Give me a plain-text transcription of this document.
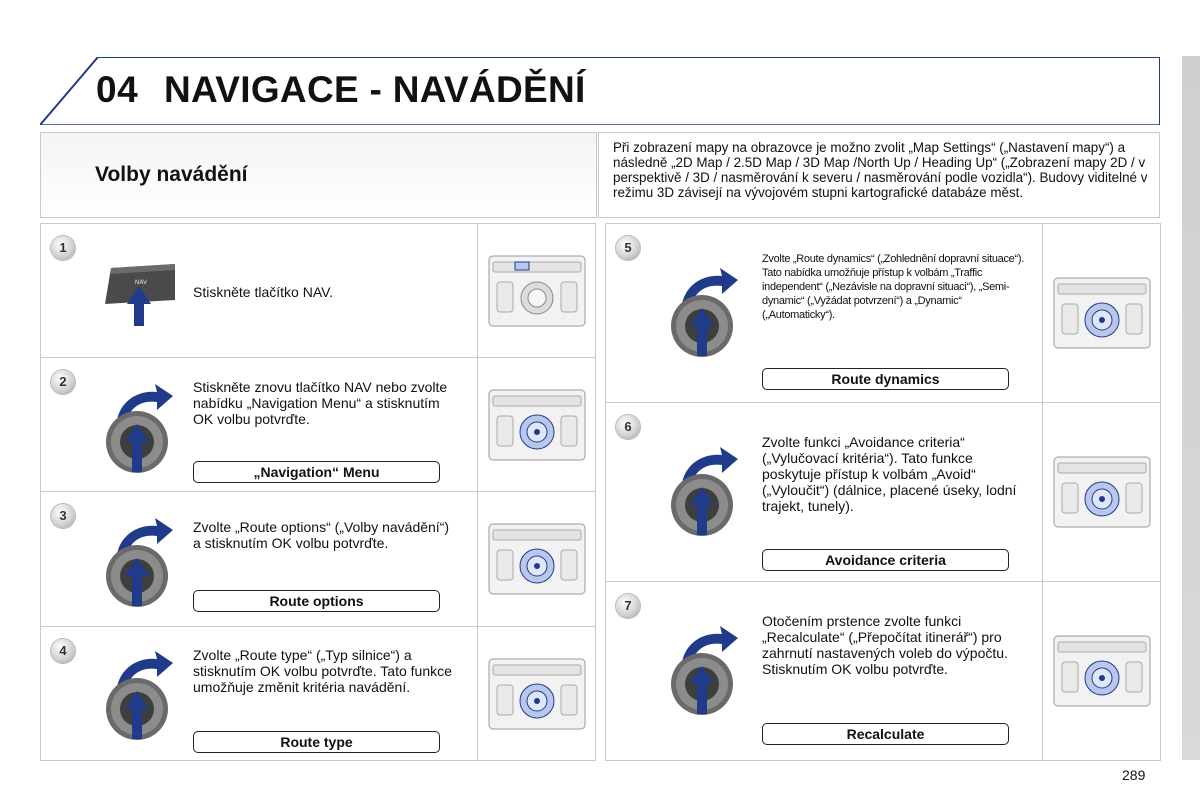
04 NAVIGACE - NAVÁDĚNÍ
Volby navádění
Při zobrazení mapy na obrazovce je možno zvolit „Map Settings“ („Nastavení mapy“) a následně „2D Map / 2.5D Map / 3D Map /North Up / Heading Up“ („Zobrazení mapy 2D / v perspektivě / 3D / nasměrování k severu / nasměrování podle vozidla“). Budovy viditelné v režimu 3D závisejí na vývojovém stupni kartografické databáze měst.
1
NAV
Stiskněte tlačítko NAV.
2	Stiskněte znovu tlačítko NAV nebo zvolte nabídku „Navigation Menu“ a stisknutím OK volbu potvrďte.
„Navigation“ Menu
3
Zvolte „Route options“ („Volby navádění“) a stisknutím OK volbu potvrďte.
Route options
4	Zvolte „Route type“ („Typ silnice“) a stisknutím OK volbu potvrďte. Tato funkce umožňuje změnit kritéria navádění.
Route type
5
Zvolte „Route dynamics“ („Zohlednění dopravní situace“). Tato nabídka umožňuje přístup k volbám „Traffic independent“ („Nezávisle na dopravní situaci“), „Semi-dynamic“ („Vyžádat potvrzení“) a „Dynamic“ („Automaticky“).
Route dynamics
6
Zvolte funkci „Avoidance criteria“ („Vylučovací kritéria“). Tato funkce poskytuje přístup k volbám „Avoid“ („Vyloučit“) (dálnice, placené úseky, lodní trajekt, tunely).
Avoidance criteria
7
Otočením prstence zvolte funkci „Recalculate“ („Přepočítat itinerář“) pro zahrnutí nastavených voleb do výpočtu. Stisknutím OK volbu potvrďte.
Recalculate
289
